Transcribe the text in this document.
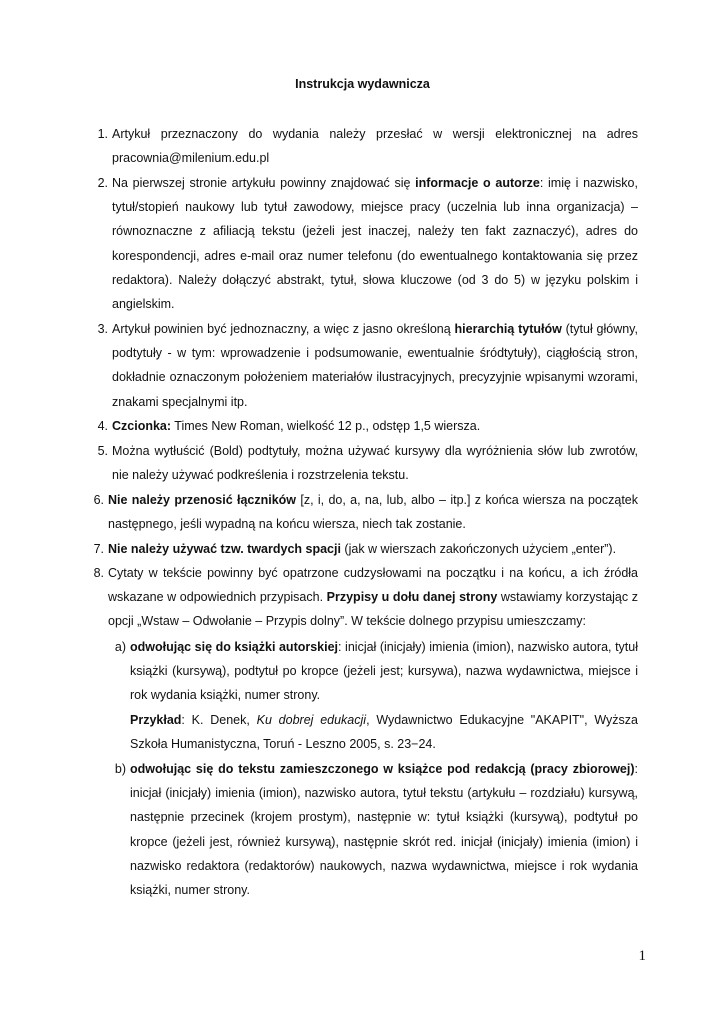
Instrukcja wydawnicza
1. Artykuł przeznaczony do wydania należy przesłać w wersji elektronicznej na adres pracownia@milenium.edu.pl
2. Na pierwszej stronie artykułu powinny znajdować się informacje o autorze: imię i nazwisko, tytuł/stopień naukowy lub tytuł zawodowy, miejsce pracy (uczelnia lub inna organizacja) – równoznaczne z afiliacją tekstu (jeżeli jest inaczej, należy ten fakt zaznaczyć), adres do korespondencji, adres e-mail oraz numer telefonu (do ewentualnego kontaktowania się przez redaktora). Należy dołączyć abstrakt, tytuł, słowa kluczowe (od 3 do 5) w języku polskim i angielskim.
3. Artykuł powinien być jednoznaczny, a więc z jasno określoną hierarchią tytułów (tytuł główny, podtytuły - w tym: wprowadzenie i podsumowanie, ewentualnie śródtytuły), ciągłością stron, dokładnie oznaczonym położeniem materiałów ilustracyjnych, precyzyjnie wpisanymi wzorami, znakami specjalnymi itp.
4. Czcionka: Times New Roman, wielkość 12 p., odstęp 1,5 wiersza.
5. Można wytłuścić (Bold) podtytuły, można używać kursywy dla wyróżnienia słów lub zwrotów, nie należy używać podkreślenia i rozstrzelenia tekstu.
6. Nie należy przenosić łączników [z, i, do, a, na, lub, albo – itp.] z końca wiersza na początek następnego, jeśli wypadną na końcu wiersza, niech tak zostanie.
7. Nie należy używać tzw. twardych spacji (jak w wierszach zakończonych użyciem „enter”).
8. Cytaty w tekście powinny być opatrzone cudzysłowami na początku i na końcu, a ich źródła wskazane w odpowiednich przypisach. Przypisy u dołu danej strony wstawiamy korzystając z opcji „Wstaw – Odwołanie – Przypis dolny”. W tekście dolnego przypisu umieszczamy:
a) odwołując się do książki autorskiej: inicjał (inicjały) imienia (imion), nazwisko autora, tytuł książki (kursywą), podtytuł po kropce (jeżeli jest; kursywa), nazwa wydawnictwa, miejsce i rok wydania książki, numer strony.
Przykład: K. Denek, Ku dobrej edukacji, Wydawnictwo Edukacyjne "AKAPIT", Wyższa Szkoła Humanistyczna, Toruń - Leszno 2005, s. 23−24.
b) odwołując się do tekstu zamieszczonego w książce pod redakcją (pracy zbiorowej): inicjał (inicjały) imienia (imion), nazwisko autora, tytuł tekstu (artykułu – rozdziału) kursywą, następnie przecinek (krojem prostym), następnie w: tytuł książki (kursywą), podtytuł po kropce (jeżeli jest, również kursywą), następnie skrót red. inicjał (inicjały) imienia (imion) i nazwisko redaktora (redaktorów) naukowych, nazwa wydawnictwa, miejsce i rok wydania książki, numer strony.
1
